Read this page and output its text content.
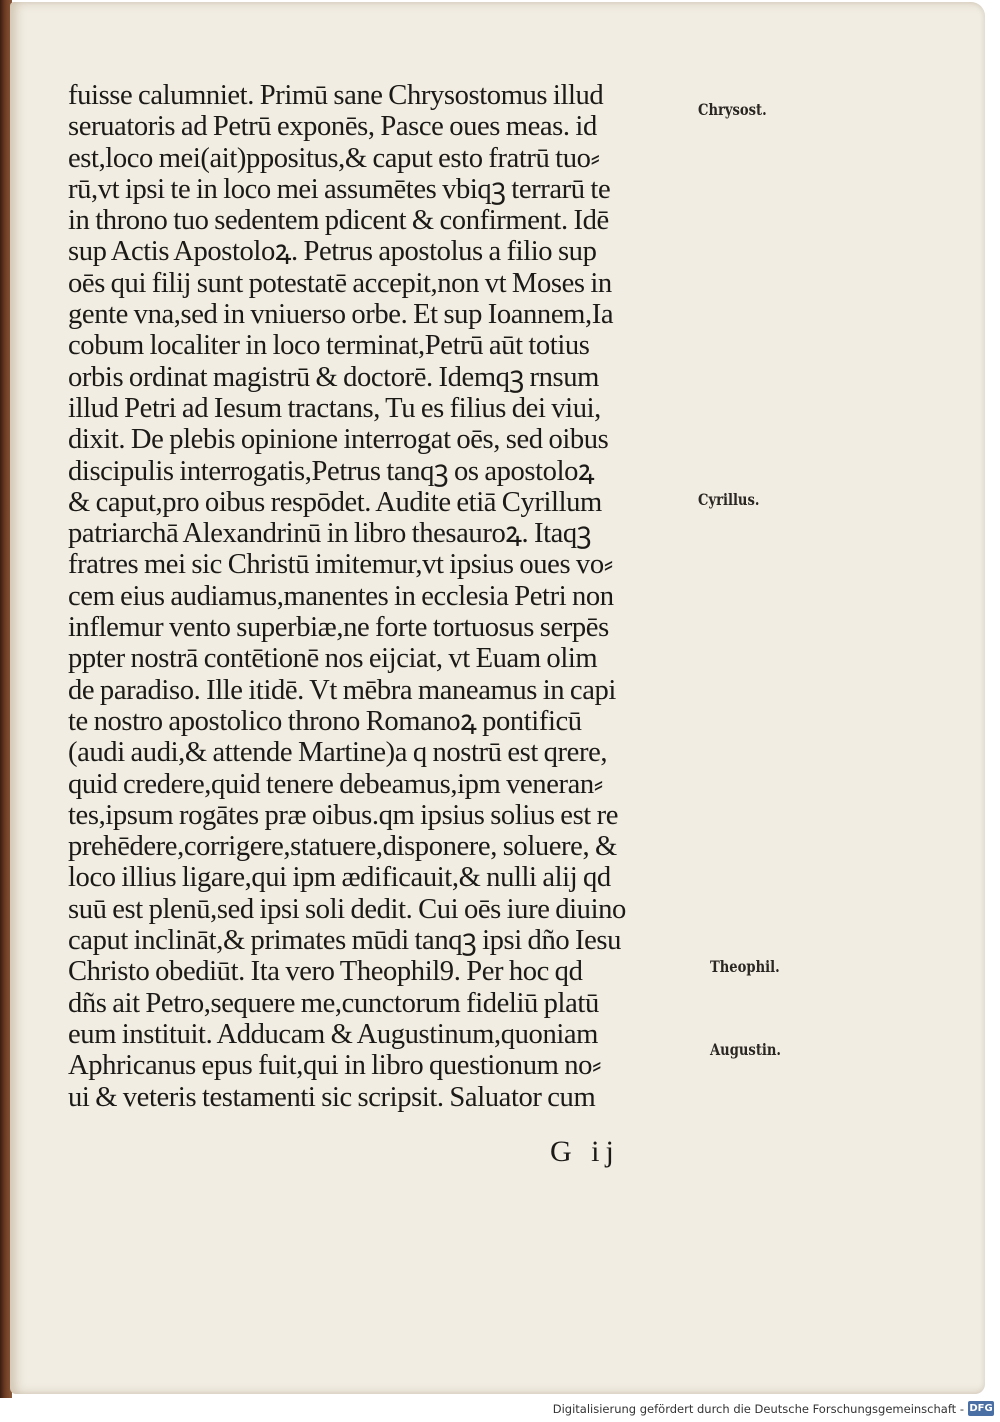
fuisse calumniet. Primū sane Chrysostomus illud
seruatoris ad Petrū exponēs, Pasce oues meas. id
est,loco mei(ait)ppositus,& caput esto fratrū tuo⸗
rū,vt ipsi te in loco mei assumētes vbiqꝫ terrarū te
in throno tuo sedentem pdicent & confirment. Idē
sup Actis Apostoloꝝ. Petrus apostolus a filio sup
oēs qui filij sunt potestatē accepit,non vt Moses in
gente vna,sed in vniuerso orbe. Et sup Ioannem,Ia
cobum localiter in loco terminat,Petrū aūt totius
orbis ordinat magistrū & doctorē. Idemqꝫ rnsum
illud Petri ad Iesum tractans, Tu es filius dei viui,
dixit. De plebis opinione interrogat oēs, sed oibus
discipulis interrogatis,Petrus tanqꝫ os apostoloꝝ
& caput,pro oibus respōdet. Audite etiā Cyrillum
patriarchā Alexandrinū in libro thesauroꝝ. Itaqꝫ
fratres mei sic Christū imitemur,vt ipsius oues vo⸗
cem eius audiamus,manentes in ecclesia Petri non
inflemur vento superbiæ,ne forte tortuosus serpēs
ppter nostrā contētionē nos eijciat, vt Euam olim
de paradiso. Ille itidē. Vt mēbra maneamus in capi
te nostro apostolico throno Romanoꝝ pontificū
(audi audi,& attende Martine)a q nostrū est qrere,
quid credere,quid tenere debeamus,ipm veneran⸗
tes,ipsum rogātes præ oibus.qm ipsius solius est re
prehēdere,corrigere,statuere,disponere, soluere, &
loco illius ligare,qui ipm ædificauit,& nulli alij qd
suū est plenū,sed ipsi soli dedit. Cui oēs iure diuino
caput inclināt,& primates mūdi tanqꝫ ipsi dño Iesu
Christo obediūt. Ita vero Theophil9. Per hoc qd
dñs ait Petro,sequere me,cunctorum fideliū platū
eum instituit. Adducam & Augustinum,quoniam
Aphricanus epus fuit,qui in libro questionum no⸗
ui & veteris testamenti sic scripsit. Saluator cum
G ij
Chrysost.
Cyrillus.
Theophil.
Augustin.
Digitalisierung gefördert durch die Deutsche Forschungsgemeinschaft - DFG
